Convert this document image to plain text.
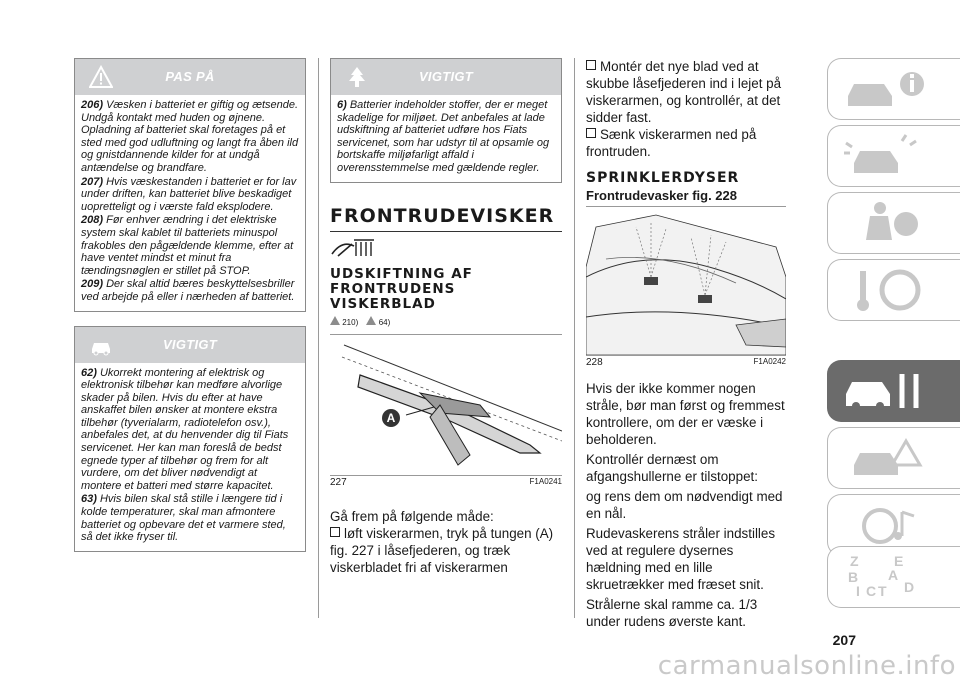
PAS PÅ

206) Væsken i batteriet er giftig og ætsende. Undgå kontakt med huden og øjnene. Opladning af batteriet skal foretages på et sted med god udluftning og langt fra åben ild og gnistdannende kilder for at undgå antændelse og brandfare.

207) Hvis væskestanden i batteriet er for lav under driften, kan batteriet blive beskadiget uopretteligt og i værste fald eksplodere.

208) Før enhver ændring i det elektriske system skal kablet til batteriets minuspol frakobles den pågældende klemme, efter at have ventet mindst et minut fra tændingsnøglen er stillet på STOP.

209) Der skal altid bæres beskyttelsesbriller ved arbejde på eller i nærheden af batteriet.

VIGTIGT

62) Ukorrekt montering af elektrisk og elektronisk tilbehør kan medføre alvorlige skader på bilen. Hvis du efter at have anskaffet bilen ønsker at montere ekstra tilbehør (tyverialarm, radiotelefon osv.), anbefales det, at du henvender dig til Fiats servicenet. Her kan man foreslå de bedst egnede typer af tilbehør og frem for alt vurdere, om det bliver nødvendigt at montere et batteri med større kapacitet.

63) Hvis bilen skal stå stille i længere tid i kolde temperaturer, skal man afmontere batteriet og opbevare det et varmere sted, så det ikke fryser til.

VIGTIGT

6) Batterier indeholder stoffer, der er meget skadelige for miljøet. Det anbefales at lade udskiftning af batteriet udføre hos Fiats servicenet, som har udstyr til at opsamle og bortskaffe miljøfarligt affald i overensstemmelse med gældende regler.

FRONTRUDEVISKER
UDSKIFTNING AF
FRONTRUDENS
VISKERBLAD
210)	64)
A
227	F1A0241
Gå frem på følgende måde:
løft viskerarmen, tryk på tungen (A) fig. 227 i låsefjederen, og træk viskerbladet fri af viskerarmen
Montér det nye blad ved at skubbe låsefjederen ind i lejet på viskerarmen, og kontrollér, at det sidder fast.
Sænk viskerarmen ned på frontruden.
SPRINKLERDYSER
Frontrudevasker fig. 228
228	F1A0242
Hvis der ikke kommer nogen stråle, bør man først og fremmest kontrollere, om der er væske i beholderen.
Kontrollér dernæst om afgangshullerne er tilstoppet:
og rens dem om nødvendigt med en nål.
Rudevaskerens stråler indstilles ved at regulere dysernes hældning med en lille skruetrækker med fræset snit.
Strålerne skal ramme ca. 1/3 under rudens øverste kant.
Z	E
B A
I C T D
207
carmanualsonline.info
